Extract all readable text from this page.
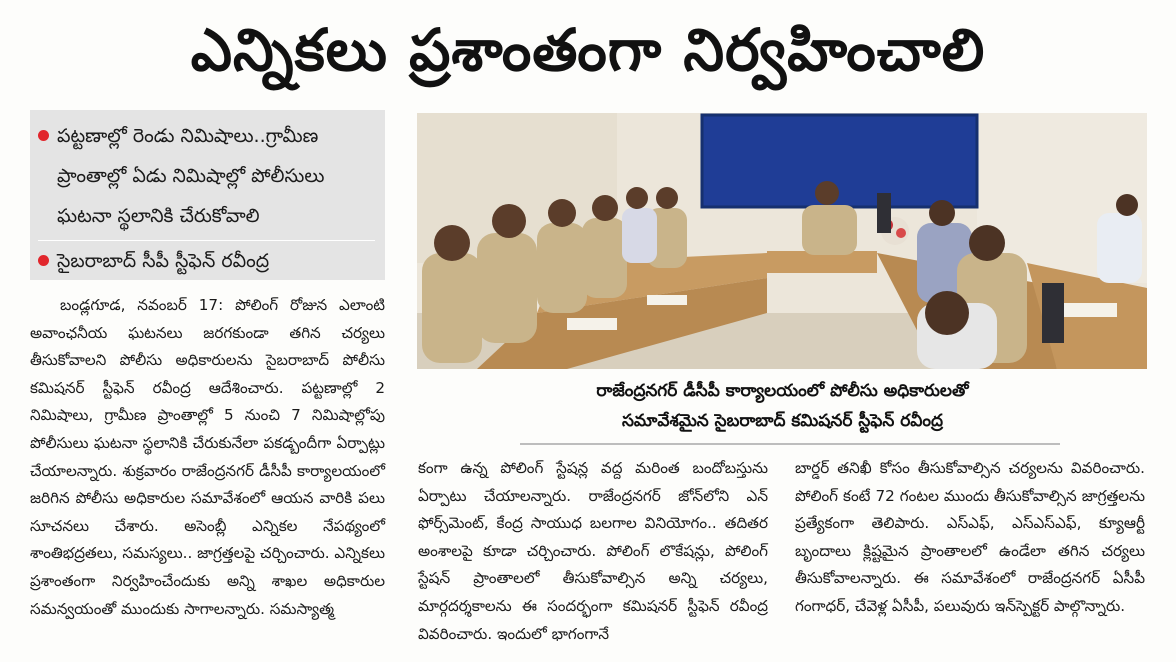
ఎన్నికలు ప్రశాంతంగా నిర్వహించాలి
పట్టణాల్లో రెండు నిమిషాలు..గ్రామీణ ప్రాంతాల్లో ఏడు నిమిషాల్లో పోలీసులు ఘటనా స్థలానికి చేరుకోవాలి
సైబరాబాద్ సీపీ స్టీఫెన్ రవీంద్ర
రాజేంద్రనగర్ డీసీపీ కార్యాలయంలో పోలీసు అధికారులతో
సమావేశమైన సైబరాబాద్ కమిషనర్ స్టీఫెన్ రవీంద్ర

బండ్లగూడ, నవంబర్ 17: పోలింగ్ రోజున ఎలాంటి అవాంఛనీయ ఘటనలు జరగకుండా తగిన చర్యలు తీసుకోవాలని పోలీసు అధికారులను సైబరాబాద్ పోలీసు కమిషనర్ స్టీఫెన్ రవీంద్ర ఆదేశించారు. పట్టణాల్లో 2 నిమిషాలు, గ్రామీణ ప్రాంతాల్లో 5 నుంచి 7 నిమిషాల్లోపు పోలీసులు ఘటనా స్థలానికి చేరుకునేలా పకడ్బందీగా ఏర్పాట్లు చేయాలన్నారు. శుక్రవారం రాజేంద్రనగర్ డీసీపీ కార్యాలయంలో జరిగిన పోలీసు అధికారుల సమావేశంలో ఆయన వారికి పలు సూచనలు చేశారు. అసెంబ్లీ ఎన్నికల నేపథ్యంలో శాంతిభద్రతలు, సమస్యలు.. జాగ్రత్తలపై చర్చించారు. ఎన్నికలు ప్రశాంతంగా నిర్వహించేందుకు అన్ని శాఖల అధికారుల సమన్వయంతో ముందుకు సాగాలన్నారు. సమస్యాత్మ

కంగా ఉన్న పోలింగ్ స్టేషన్ల వద్ద మరింత బందోబస్తును ఏర్పాటు చేయాలన్నారు. రాజేంద్రనగర్ జోన్‌లోని ఎన్ ఫోర్స్‌మెంట్, కేంద్ర సాయుధ బలగాల వినియోగం.. తదితర అంశాలపై కూడా చర్చించారు. పోలింగ్ లొకేషన్లు, పోలింగ్ స్టేషన్ ప్రాంతాలలో తీసుకోవాల్సిన అన్ని చర్యలు, మార్గదర్శకాలను ఈ సందర్భంగా కమిషనర్ స్టీఫెన్ రవీంద్ర వివరించారు. ఇందులో భాగంగానే

బార్డర్ తనిఖీ కోసం తీసుకోవాల్సిన చర్యలను వివరించారు. పోలింగ్ కంటే 72 గంటల ముందు తీసుకోవాల్సిన జాగ్రత్తలను ప్రత్యేకంగా తెలిపారు. ఎస్ఎఫ్, ఎస్ఎస్ఎఫ్, క్యూఆర్టీ బృందాలు క్లిష్టమైన ప్రాంతాలలో ఉండేలా తగిన చర్యలు తీసుకోవాలన్నారు. ఈ సమావేశంలో రాజేంద్రనగర్ ఏసీపీ గంగాధర్, చేవెళ్ల ఏసీపీ, పలువురు ఇన్‌స్పెక్టర్ పాల్గొన్నారు.
